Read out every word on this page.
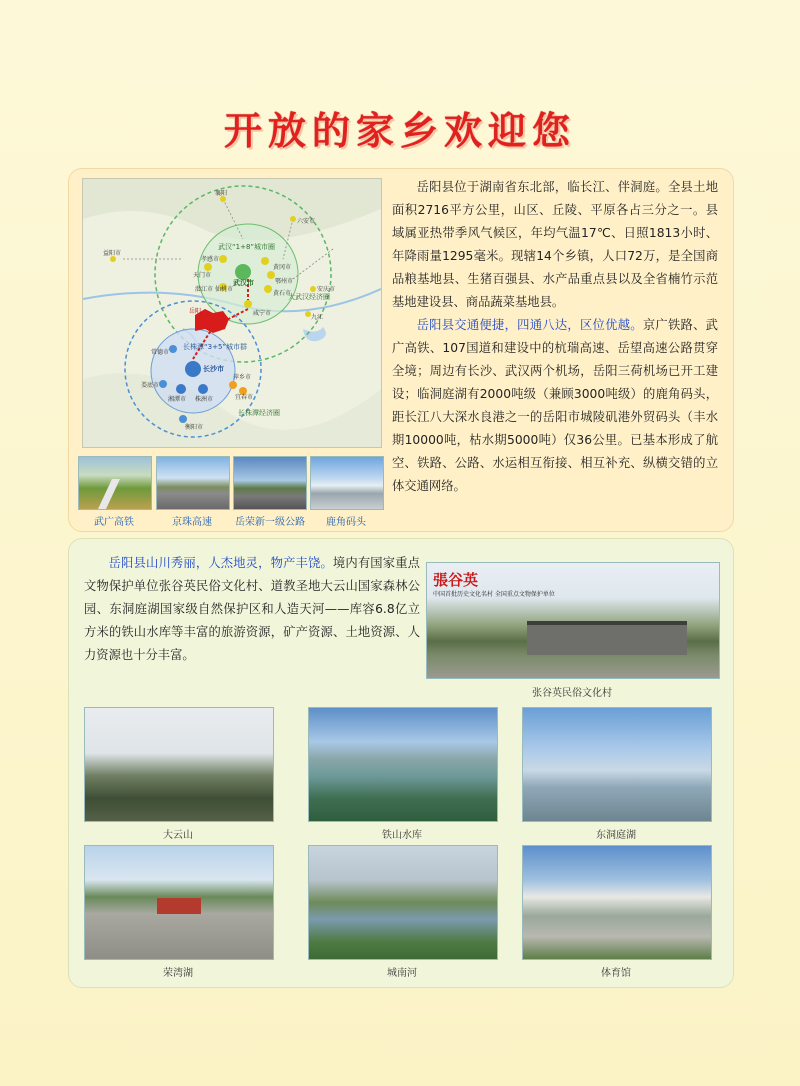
开放的家乡欢迎您
武汉“1+8”城市圈
武汉市
大武汉经济圈
长株潭“3+5”城市群
长沙市
长株潭经济圈
岳阳	咸宁市
孝感市
黄冈市
鄂州市
黄石市
天门市
潜江市 仙桃市
常德市
娄底市
湘潭市 株洲市
萍乡市
宜春市
衡阳市
六安市
襄阳
益阳市
九江
安庆市

岳阳县位于湖南省东北部，临长江、伴洞庭。全县土地面积2716平方公里，山区、丘陵、平原各占三分之一。县域属亚热带季风气候区，年均气温17℃、日照1813小时、年降雨量1295毫米。现辖14个乡镇，人口72万，是全国商品粮基地县、生猪百强县、水产品重点县以及全省楠竹示范基地建设县、商品蔬菜基地县。

岳阳县交通便捷，四通八达，区位优越。京广铁路、武广高铁、107国道和建设中的杭瑞高速、岳望高速公路贯穿全境；周边有长沙、武汉两个机场，岳阳三荷机场已开工建设；临洞庭湖有2000吨级（兼顾3000吨级）的鹿角码头，距长江八大深水良港之一的岳阳市城陵矶港外贸码头（丰水期10000吨，枯水期5000吨）仅36公里。已基本形成了航空、铁路、公路、水运相互衔接、相互补充、纵横交错的立体交通网络。

武广高铁	京珠高速	岳荣新一级公路	鹿角码头

岳阳县山川秀丽，人杰地灵，物产丰饶。境内有国家重点文物保护单位张谷英民俗文化村、道教圣地大云山国家森林公园、东洞庭湖国家级自然保护区和人造天河——库容6.8亿立方米的铁山水库等丰富的旅游资源，矿产资源、土地资源、人力资源也十分丰富。

張谷英
中国首批历史文化名村 全国重点文物保护单位
张谷英民俗文化村
大云山	铁山水库	东洞庭湖
荣湾湖	城南河	体育馆
